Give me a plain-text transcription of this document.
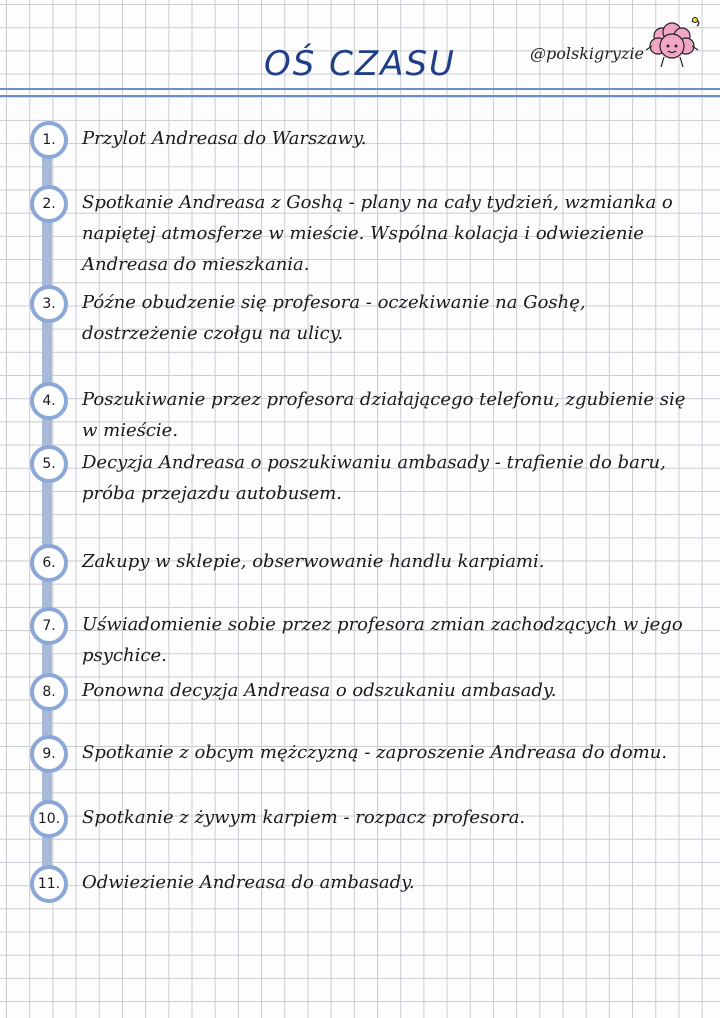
OŚ CZASU	@polskigryzie
1.	Przylot Andreasa do Warszawy.
2.	Spotkanie Andreasa z Goshą - plany na cały tydzień, wzmianka o napiętej atmosferze w mieście. Wspólna kolacja i odwiezienie Andreasa do mieszkania.
3.	Późne obudzenie się profesora - oczekiwanie na Goshę, dostrzeżenie czołgu na ulicy.
4.	Poszukiwanie przez profesora działającego telefonu, zgubienie się w mieście.
5.	Decyzja Andreasa o poszukiwaniu ambasady - trafienie do baru, próba przejazdu autobusem.
6.	Zakupy w sklepie, obserwowanie handlu karpiami.
7.	Uświadomienie sobie przez profesora zmian zachodzących w jego psychice.
8.	Ponowna decyzja Andreasa o odszukaniu ambasady.
9.	Spotkanie z obcym mężczyzną - zaproszenie Andreasa do domu.
10.	Spotkanie z żywym karpiem - rozpacz profesora.
11.	Odwiezienie Andreasa do ambasady.
